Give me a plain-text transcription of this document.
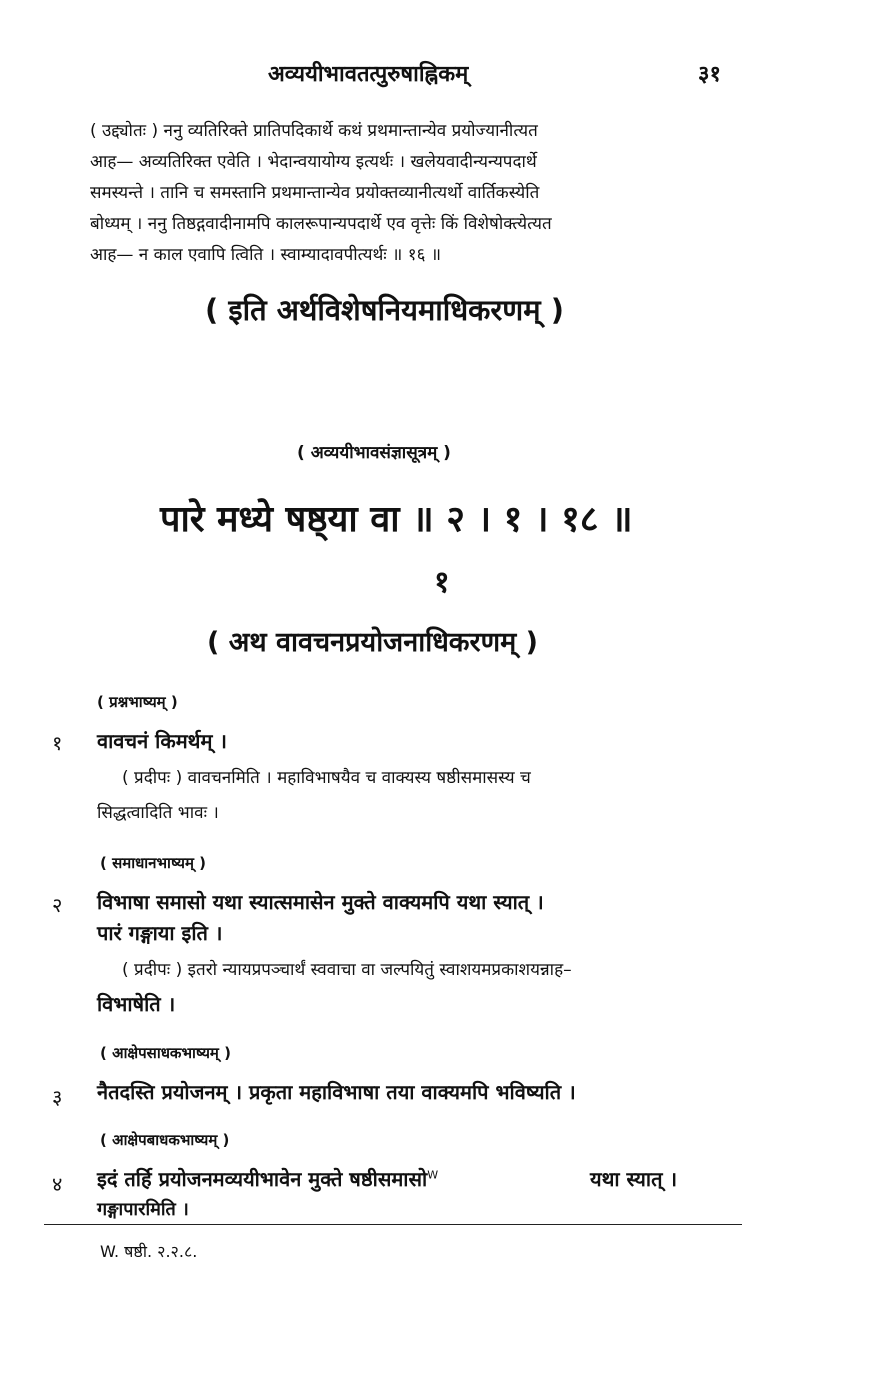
अव्ययीभावतत्पुरुषाह्निकम्	३१
( उद्द्योतः ) ननु व्यतिरिक्ते प्रातिपदिकार्थे कथं प्रथमान्तान्येव प्रयोज्यानीत्यत
आह— अव्यतिरिक्त एवेति । भेदान्वयायोग्य इत्यर्थः । खलेयवादीन्यन्यपदार्थे
समस्यन्ते । तानि च समस्तानि प्रथमान्तान्येव प्रयोक्तव्यानीत्यर्थो वार्तिकस्येति
बोध्यम् । ननु तिष्ठद्गवादीनामपि कालरूपान्यपदार्थे एव वृत्तेः किं विशेषोक्त्येत्यत
आह— न काल एवापि त्विति । स्वाम्यादावपीत्यर्थः ॥ १६ ॥
( इति अर्थविशेषनियमाधिकरणम् )
( अव्ययीभावसंज्ञासूत्रम् )
पारे मध्ये षष्ठ्या वा ॥ २ । १ । १८ ॥
१
( अथ वावचनप्रयोजनाधिकरणम् )
( प्रश्नभाष्यम् )
१ वावचनं किमर्थम् ।
( प्रदीपः ) वावचनमिति । महाविभाषयैव च वाक्यस्य षष्ठीसमासस्य च
सिद्धत्वादिति भावः ।
( समाधानभाष्यम् )
२ विभाषा समासो यथा स्यात्समासेन मुक्ते वाक्यमपि यथा स्यात् ।
पारं गङ्गाया इति ।
( प्रदीपः ) इतरो न्यायप्रपञ्चार्थं स्ववाचा वा जल्पयितुं स्वाशयमप्रकाशयन्नाह–
विभाषेति ।
( आक्षेपसाधकभाष्यम् )
३ नैतदस्ति प्रयोजनम् । प्रकृता महाविभाषा तया वाक्यमपि भविष्यति ।
( आक्षेपबाधकभाष्यम् )
४ इदं तर्हि प्रयोजनमव्ययीभावेन मुक्ते षष्ठीसमासो$^W$	यथा स्यात् ।
गङ्गापारमिति ।
W. षष्ठी. २.२.८.
